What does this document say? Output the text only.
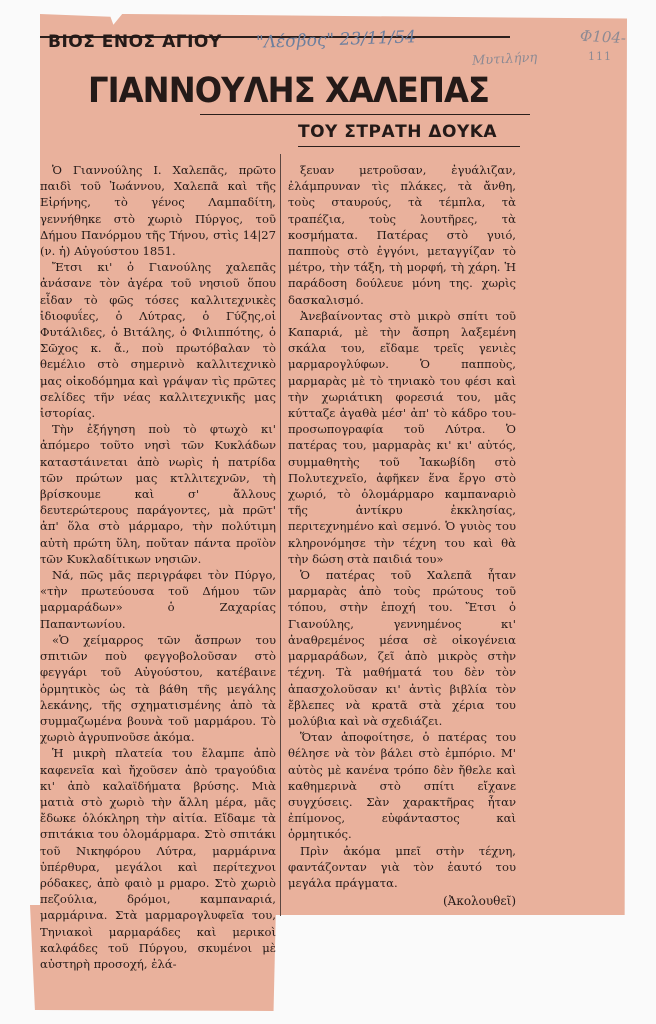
ΒΙΟΣ ΕΝΟΣ ΑΓΙΟΥ "Λέσβος" 23/11/54	Φ104-
111
Μυτιλήνη
ΓΙΑΝΝΟΥΛΗΣ ΧΑΛΕΠΑΣ
ΤΟΥ ΣΤΡΑΤΗ ΔΟΥΚΑ

Ὁ Γιαννούλης Ι. Χαλεπᾶς, πρῶτο παιδὶ τοῦ Ἰωάννου, Χαλεπᾶ καὶ τῆς Εἰρήνης, τὸ γένος Λαμπαδίτη, γεννήθηκε στὸ χωριὸ Πύργος, τοῦ Δήμου Πανόρμου τῆς Τήνου, στὶς 14|27 (ν. ἡ) Αὐγούστου 1851.

Ἔτσι κι' ὁ Γιανούλης χαλεπᾶς ἀνάσανε τὸν ἀγέρα τοῦ νησιοῦ ὅπου εἶδαν τὸ φῶς τόσες καλλιτεχνικὲς ἰδιοφυΐες, ὁ Λύτρας, ὁ Γύζης,οἱ Φυτάλιδες, ὁ Βιτάλης, ὁ Φιλιππότης, ὁ Σῶχος κ. ἄ., ποὺ πρωτόβαλαν τὸ θεμέλιο στὸ σημερινὸ καλλιτεχνικὸ μας οἰκοδόμημα καὶ γράψαν τὶς πρῶτες σελίδες τῆν νέας καλλιτεχνικῆς μας ἱστορίας.

Τὴν ἐξήγηση ποὺ τὸ φτωχὸ κι' ἀπόμερο τοῦτο νησὶ τῶν Κυκλάδων καταστάινεται ἀπὸ νωρὶς ἡ πατρίδα τῶν πρώτων μας κτλλιτεχνῶν, τὴ βρίσκουμε καὶ σ' ἄλλους δευτερώτερους παράγοντες, μὰ πρῶτ' ἀπ' ὅλα στὸ μάρμαρο, τὴν πολύτιμη αὐτὴ πρώτη ὕλη, ποὔταν πάντα προϊὸν τῶν Κυκλαδίτικων νησιῶν.

Νά, πῶς μᾶς περιγράφει τὸν Πύργο, «τὴν πρωτεύουσα τοῦ Δήμου τῶν μαρμαράδων» ὁ Ζαχαρίας Παπαντωνίου.

«Ὁ χείμαρρος τῶν ἄσπρων του σπιτιῶν ποὺ φεγγοβολοῦσαν στὸ φεγγάρι τοῦ Αὐγούστου, κατέβαινε ὁρμητικὸς ὡς τὰ βάθη τῆς μεγάλης λεκάνης, τῆς σχηματισμένης ἀπὸ τὰ συμμαζωμένα βουνὰ τοῦ μαρμάρου. Τὸ χωριὸ ἀγρυπνοῦσε ἀκόμα.

Ἡ μικρὴ πλατεία του ἔλαμπε ἀπὸ καφενεῖα καὶ ἤχοῦσεν ἀπὸ τραγούδια κι' ἀπὸ καλαϊδήματα βρύσης. Μιὰ ματιὰ στὸ χωριὸ τὴν ἄλλη μέρα, μᾶς ἔδωκε ὁλόκληρη τὴν αἰτία. Εἴδαμε τὰ σπιτάκια του ὁλομάρμαρα. Στὸ σπιτάκι τοῦ Νικηφόρου Λύτρα, μαρμάρινα ὑπέρθυρα, μεγάλοι καὶ περίτεχνοι ρόδακες, ἀπὸ φαιὸ μ ρμαρο. Στὸ χωριὸ πεζούλια, δρόμοι, καμπαναριά, μαρμάρινα. Στὰ μαρμαρογλυφεῖα του, Τηνιακοὶ μαρμαράδες καὶ μερικοὶ καλφάδες τοῦ Πύργου, σκυμένοι μὲ αὐστηρὴ προσοχή, ἐλά-

ξευαν μετροῦσαν, ἐγυάλιζαν, ἐλάμπρυναν τὶς πλάκες, τὰ ἄνθη, τοὺς σταυρούς, τὰ τέμπλα, τὰ τραπέζια, τοὺς λουτῆρες, τὰ κοσμήματα. Πατέρας στὸ γυιό, παπποὺς στὸ ἐγγόνι, μεταγγίζαν τὸ μέτρο, τὴν τάξη, τὴ μορφή, τὴ χάρη. Ἡ παράδοση δούλευε μόνη της. χωρὶς δασκαλισμό.

Ἀνεβαίνοντας στὸ μικρὸ σπίτι τοῦ Καπαριά, μὲ τὴν ἄσπρη λαξεμένη σκάλα του, εἴδαμε τρεῖς γενιὲς μαρμαρογλύφων. Ὁ παπποὺς, μαρμαρὰς μὲ τὸ τηνιακὸ του φέσι καὶ τὴν χωριάτικη φορεσιά του, μᾶς κύτταζε ἀγαθὰ μέσ' ἀπ' τὸ κάδρο του-προσωπογραφία τοῦ Λύτρα. Ὁ πατέρας του, μαρμαρὰς κι' κι' αὐτός, συμμαθητὴς τοῦ Ἰακωβίδη στὸ Πολυτεχνεῖο, ἀφῆκεν ἕνα ἔργο στὸ χωριό, τὸ ὁλομάρμαρο καμπαναριὸ τῆς ἀντίκρυ ἐκκλησίας, περιτεχνημένο καὶ σεμνό. Ὁ γυιὸς του κληρονόμησε τὴν τέχνη του καὶ θὰ τὴν δώση στὰ παιδιά του»

Ὁ πατέρας τοῦ Χαλεπᾶ ἦταν μαρμαρὰς ἀπὸ τοὺς πρώτους τοῦ τόπου, στὴν ἐποχή του. Ἔτσι ὁ Γιανούλης, γεννημένος κι' ἀναθρεμένος μέσα σὲ οἰκογένεια μαρμαράδων, ζεῖ ἀπὸ μικρὸς στὴν τέχνη. Τὰ μαθήματά του δὲν τὸν ἀπασχολοῦσαν κι' ἀντὶς βιβλία τὸν ἔβλεπες νὰ κρατᾶ στὰ χέρια του μολύβια καὶ νὰ σχεδιάζει.

Ὅταν ἀποφοίτησε, ὁ πατέρας του θέλησε νὰ τὸν βάλει στὸ ἐμπόριο. Μ' αὐτὸς μὲ κανένα τρόπο δὲν ἤθελε καὶ καθημερινὰ στὸ σπίτι εἴχανε συγχύσεις. Σὰν χαρακτῆρας ἦταν ἐπίμονος, εὐφάνταστος καὶ ὁρμητικός.

Πρὶν ἀκόμα μπεῖ στὴν τέχνη, φαντάζονταν γιὰ τὸν ἑαυτό του μεγάλα πράγματα.

(Ἀκολουθεῖ)
